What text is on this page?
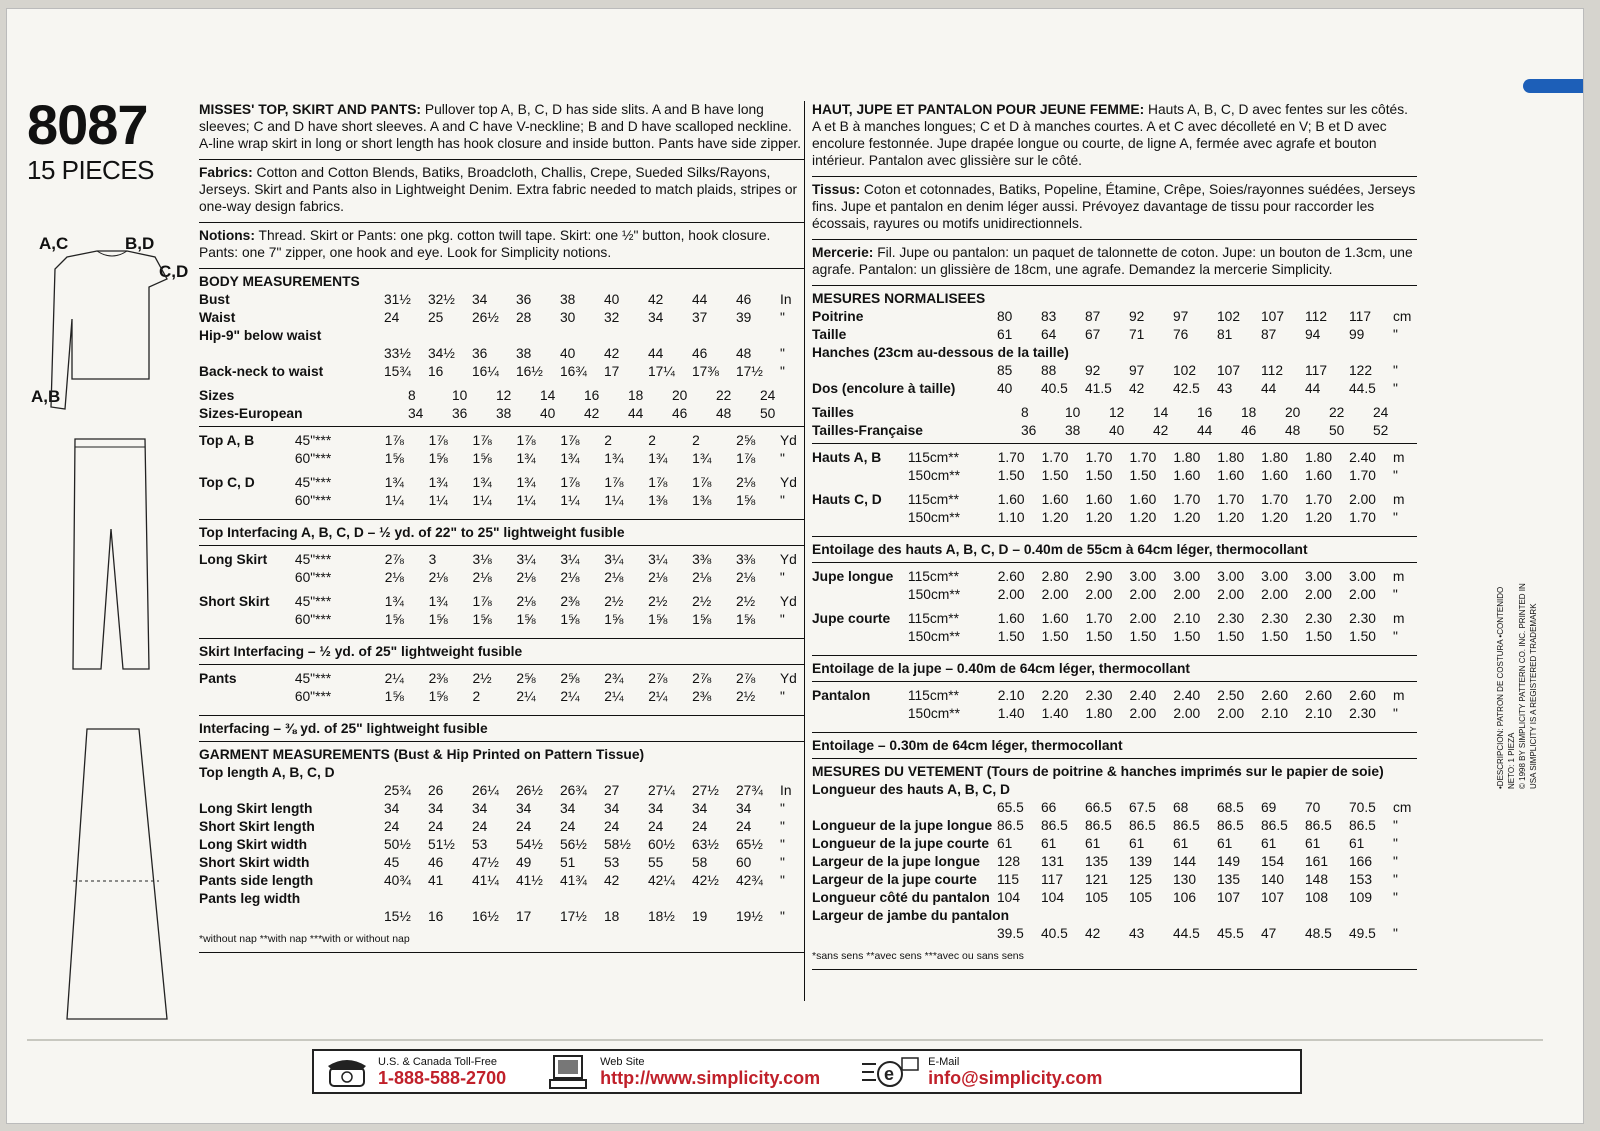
8087
15 PIECES
A,C	B,D
C,D
A,B

MISSES' TOP, SKIRT AND PANTS: Pullover top A, B, C, D has side slits. A and B have long sleeves; C and D have short sleeves. A and C have V-neckline; B and D have scalloped neckline. A-line wrap skirt in long or short length has hook closure and inside button. Pants have side zipper.

Fabrics: Cotton and Cotton Blends, Batiks, Broadcloth, Challis, Crepe, Sueded Silks/Rayons, Jerseys. Skirt and Pants also in Lightweight Denim. Extra fabric needed to match plaids, stripes or one-way design fabrics.

Notions: Thread. Skirt or Pants: one pkg. cotton twill tape. Skirt: one ½" button, hook closure. Pants: one 7" zipper, one hook and eye. Look for Simplicity notions.

BODY MEASUREMENTS
Bust	31½	32½	34	36	38	40	42	44	46	In
Waist	24	25	26½	28	30	32	34	37	39	"
Hip-9" below waist										
	33½	34½	36	38	40	42	44	46	48	"
Back-neck to waist	15¾	16	16¼	16½	16¾	17	17¼	17⅜	17½	"
Sizes	8	10	12	14	16	18	20	22	24
Sizes-European	34	36	38	40	42	44	46	48	50
Top A, B	45"***	1⅞	1⅞	1⅞	1⅞	1⅞	2	2	2	2⅝	Yd
	60"***	1⅝	1⅝	1⅝	1¾	1¾	1¾	1¾	1¾	1⅞	"
Top C, D	45"***	1¾	1¾	1¾	1¾	1⅞	1⅞	1⅞	1⅞	2⅛	Yd
	60"***	1¼	1¼	1¼	1¼	1¼	1¼	1⅜	1⅜	1⅝	"
Top Interfacing A, B, C, D – ½ yd. of 22" to 25" lightweight fusible
Long Skirt	45"***	2⅞	3	3⅛	3¼	3¼	3¼	3¼	3⅜	3⅜	Yd
	60"***	2⅛	2⅛	2⅛	2⅛	2⅛	2⅛	2⅛	2⅛	2⅛	"
Short Skirt	45"***	1¾	1¾	1⅞	2⅛	2⅜	2½	2½	2½	2½	Yd
	60"***	1⅝	1⅝	1⅝	1⅝	1⅝	1⅝	1⅝	1⅝	1⅝	"
Skirt Interfacing – ½ yd. of 25" lightweight fusible
Pants	45"***	2¼	2⅜	2½	2⅝	2⅝	2¾	2⅞	2⅞	2⅞	Yd
	60"***	1⅝	1⅝	2	2¼	2¼	2¼	2¼	2⅜	2½	"
Interfacing – ⅜ yd. of 25" lightweight fusible
GARMENT MEASUREMENTS (Bust & Hip Printed on Pattern Tissue)
Top length A, B, C, D										
	25¾	26	26¼	26½	26¾	27	27¼	27½	27¾	In
Long Skirt length	34	34	34	34	34	34	34	34	34	"
Short Skirt length	24	24	24	24	24	24	24	24	24	"
Long Skirt width	50½	51½	53	54½	56½	58½	60½	63½	65½	"
Short Skirt width	45	46	47½	49	51	53	55	58	60	"
Pants side length	40¾	41	41¼	41½	41¾	42	42¼	42½	42¾	"
Pants leg width										
	15½	16	16½	17	17½	18	18½	19	19½	"
*without nap **with nap ***with or without nap

HAUT, JUPE ET PANTALON POUR JEUNE FEMME: Hauts A, B, C, D avec fentes sur les côtés. A et B à manches longues; C et D à manches courtes. A et C avec décolleté en V; B et D avec encolure festonnée. Jupe drapée longue ou courte, de ligne A, fermée avec agrafe et bouton intérieur. Pantalon avec glissière sur le côté.

Tissus: Coton et cotonnades, Batiks, Popeline, Étamine, Crêpe, Soies/rayonnes suédées, Jerseys fins. Jupe et pantalon en denim léger aussi. Prévoyez davantage de tissu pour raccorder les écossais, rayures ou motifs unidirectionnels.

Mercerie: Fil. Jupe ou pantalon: un paquet de talonnette de coton. Jupe: un bouton de 1.3cm, une agrafe. Pantalon: un glissière de 18cm, une agrafe. Demandez la mercerie Simplicity.

MESURES NORMALISEES
Poitrine	80	83	87	92	97	102	107	112	117	cm
Taille	61	64	67	71	76	81	87	94	99	"
Hanches (23cm au-dessous de la taille)										
	85	88	92	97	102	107	112	117	122	"
Dos (encolure à taille)	40	40.5	41.5	42	42.5	43	44	44	44.5	"
Tailles	8	10	12	14	16	18	20	22	24
Tailles-Française	36	38	40	42	44	46	48	50	52
Hauts A, B	115cm**	1.70	1.70	1.70	1.70	1.80	1.80	1.80	1.80	2.40	m
	150cm**	1.50	1.50	1.50	1.50	1.60	1.60	1.60	1.60	1.70	"
Hauts C, D	115cm**	1.60	1.60	1.60	1.60	1.70	1.70	1.70	1.70	2.00	m
	150cm**	1.10	1.20	1.20	1.20	1.20	1.20	1.20	1.20	1.70	"
Entoilage des hauts A, B, C, D – 0.40m de 55cm à 64cm léger, thermocollant
Jupe longue	115cm**	2.60	2.80	2.90	3.00	3.00	3.00	3.00	3.00	3.00	m
	150cm**	2.00	2.00	2.00	2.00	2.00	2.00	2.00	2.00	2.00	"
Jupe courte	115cm**	1.60	1.60	1.70	2.00	2.10	2.30	2.30	2.30	2.30	m
	150cm**	1.50	1.50	1.50	1.50	1.50	1.50	1.50	1.50	1.50	"
Entoilage de la jupe – 0.40m de 64cm léger, thermocollant
Pantalon	115cm**	2.10	2.20	2.30	2.40	2.40	2.50	2.60	2.60	2.60	m
	150cm**	1.40	1.40	1.80	2.00	2.00	2.00	2.10	2.10	2.30	"
Entoilage – 0.30m de 64cm léger, thermocollant
MESURES DU VETEMENT (Tours de poitrine & hanches imprimés sur le papier de soie)
Longueur des hauts A, B, C, D										
	65.5	66	66.5	67.5	68	68.5	69	70	70.5	cm
Longueur de la jupe longue	86.5	86.5	86.5	86.5	86.5	86.5	86.5	86.5	86.5	"
Longueur de la jupe courte	61	61	61	61	61	61	61	61	61	"
Largeur de la jupe longue	128	131	135	139	144	149	154	161	166	"
Largeur de la jupe courte	115	117	121	125	130	135	140	148	153	"
Longueur côté du pantalon	104	104	105	105	106	107	107	108	109	"
Largeur de jambe du pantalon										
	39.5	40.5	42	43	44.5	45.5	47	48.5	49.5	"
*sans sens **avec sens ***avec ou sans sens
•DESCRIPCION: PATRON DE COSTURA •CONTENIDO NETO: 1 PIEZA © 1998 BY SIMPLICITY PATTERN CO. INC. PRINTED IN USA SIMPLICITY IS A REGISTERED TRADEMARK
U.S. & Canada Toll-Free
1-888-588-2700
Web Site
http://www.simplicity.com	e
E-Mail
info@simplicity.com
